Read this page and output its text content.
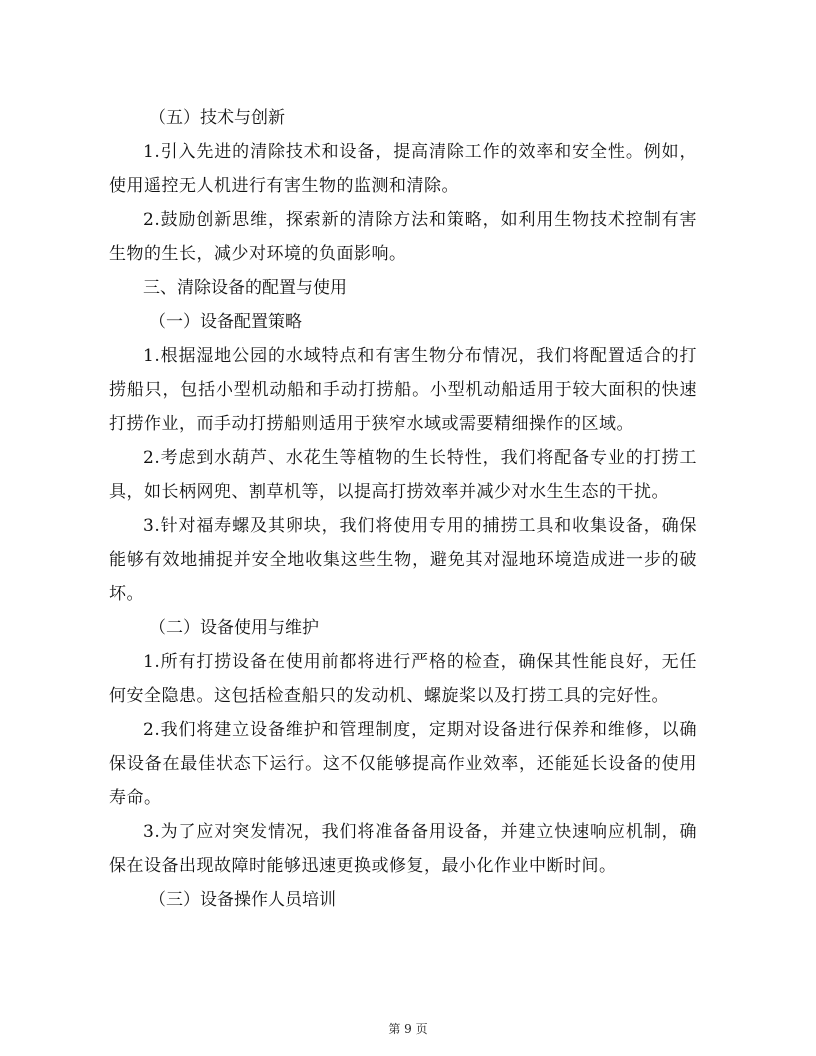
（五）技术与创新

1.引入先进的清除技术和设备，提高清除工作的效率和安全性。例如，使用遥控无人机进行有害生物的监测和清除。

2.鼓励创新思维，探索新的清除方法和策略，如利用生物技术控制有害生物的生长，减少对环境的负面影响。

三、清除设备的配置与使用
（一）设备配置策略

1.根据湿地公园的水域特点和有害生物分布情况，我们将配置适合的打捞船只，包括小型机动船和手动打捞船。小型机动船适用于较大面积的快速打捞作业，而手动打捞船则适用于狭窄水域或需要精细操作的区域。

2.考虑到水葫芦、水花生等植物的生长特性，我们将配备专业的打捞工具，如长柄网兜、割草机等，以提高打捞效率并减少对水生生态的干扰。

3.针对福寿螺及其卵块，我们将使用专用的捕捞工具和收集设备，确保能够有效地捕捉并安全地收集这些生物，避免其对湿地环境造成进一步的破坏。

（二）设备使用与维护

1.所有打捞设备在使用前都将进行严格的检查，确保其性能良好，无任何安全隐患。这包括检查船只的发动机、螺旋桨以及打捞工具的完好性。

2.我们将建立设备维护和管理制度，定期对设备进行保养和维修，以确保设备在最佳状态下运行。这不仅能够提高作业效率，还能延长设备的使用寿命。

3.为了应对突发情况，我们将准备备用设备，并建立快速响应机制，确保在设备出现故障时能够迅速更换或修复，最小化作业中断时间。

（三）设备操作人员培训
第 9 页
